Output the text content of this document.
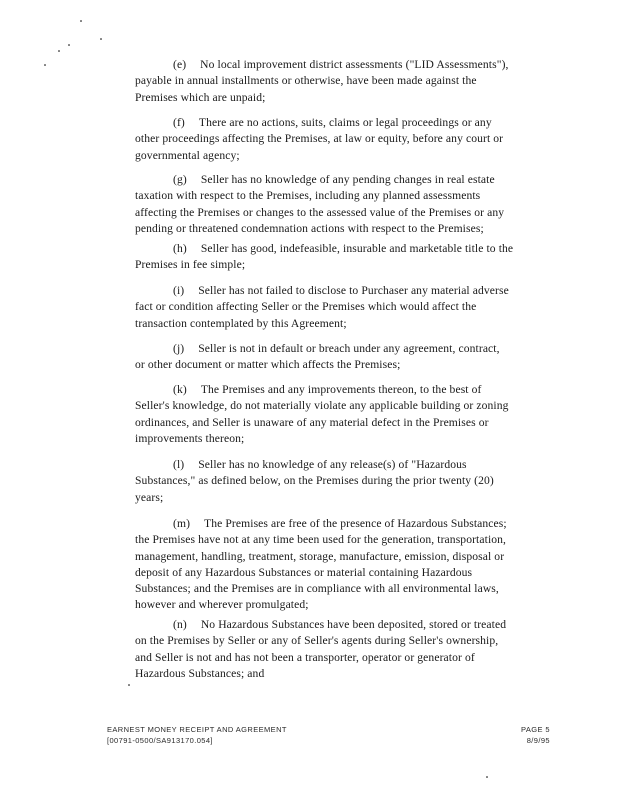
(e) No local improvement district assessments ("LID Assessments"),
payable in annual installments or otherwise, have been made against the
Premises which are unpaid;
(f) There are no actions, suits, claims or legal proceedings or any
other proceedings affecting the Premises, at law or equity, before any court or
governmental agency;
(g) Seller has no knowledge of any pending changes in real estate
taxation with respect to the Premises, including any planned assessments
affecting the Premises or changes to the assessed value of the Premises or any
pending or threatened condemnation actions with respect to the Premises;
(h) Seller has good, indefeasible, insurable and marketable title to the
Premises in fee simple;
(i) Seller has not failed to disclose to Purchaser any material adverse
fact or condition affecting Seller or the Premises which would affect the
transaction contemplated by this Agreement;
(j) Seller is not in default or breach under any agreement, contract,
or other document or matter which affects the Premises;
(k) The Premises and any improvements thereon, to the best of
Seller's knowledge, do not materially violate any applicable building or zoning
ordinances, and Seller is unaware of any material defect in the Premises or
improvements thereon;
(l) Seller has no knowledge of any release(s) of "Hazardous
Substances," as defined below, on the Premises during the prior twenty (20)
years;
(m) The Premises are free of the presence of Hazardous Substances;
the Premises have not at any time been used for the generation, transportation,
management, handling, treatment, storage, manufacture, emission, disposal or
deposit of any Hazardous Substances or material containing Hazardous
Substances; and the Premises are in compliance with all environmental laws,
however and wherever promulgated;
(n) No Hazardous Substances have been deposited, stored or treated
on the Premises by Seller or any of Seller's agents during Seller's ownership,
and Seller is not and has not been a transporter, operator or generator of
Hazardous Substances; and
EARNEST MONEY RECEIPT AND AGREEMENT
[00791-0500/SA913170.054]
PAGE 5
8/9/95
